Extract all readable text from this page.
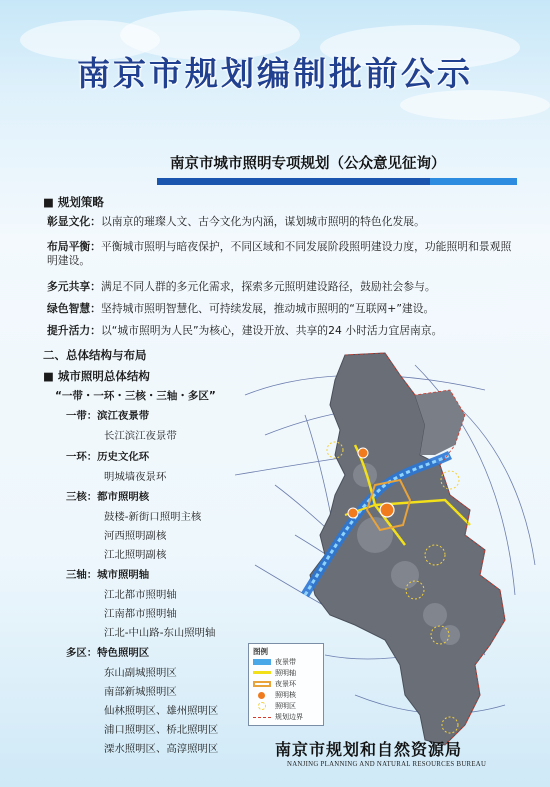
南京市规划编制批前公示
南京市城市照明专项规划（公众意见征询）
■ 规划策略
彰显文化：以南京的璀璨人文、古今文化为内涵，谋划城市照明的特色化发展。
布局平衡：平衡城市照明与暗夜保护，不同区域和不同发展阶段照明建设力度，功能照明和景观照明建设。
多元共享：满足不同人群的多元化需求，探索多元照明建设路径，鼓励社会参与。
绿色智慧：坚持城市照明智慧化、可持续发展，推动城市照明的“互联网+”建设。
提升活力：以“城市照明为人民”为核心，建设开放、共享的24 小时活力宜居南京。
二、总体结构与布局
■ 城市照明总体结构
“一带・一环・三核・三轴・多区”
一带：滨江夜景带
长江滨江夜景带
一环：历史文化环
明城墙夜景环
三核：都市照明核
鼓楼-新街口照明主核
河西照明副核
江北照明副核
三轴：城市照明轴
江北都市照明轴
江南都市照明轴
江北-中山路-东山照明轴
多区：特色照明区
东山副城照明区
南部新城照明区
仙林照明区、雄州照明区
浦口照明区、桥北照明区
溧水照明区、高淳照明区
图例
夜景带
照明轴
夜景环
照明核
照明区
规划边界
南京市规划和自然资源局
NANJING PLANNING AND NATURAL RESOURCES BUREAU
